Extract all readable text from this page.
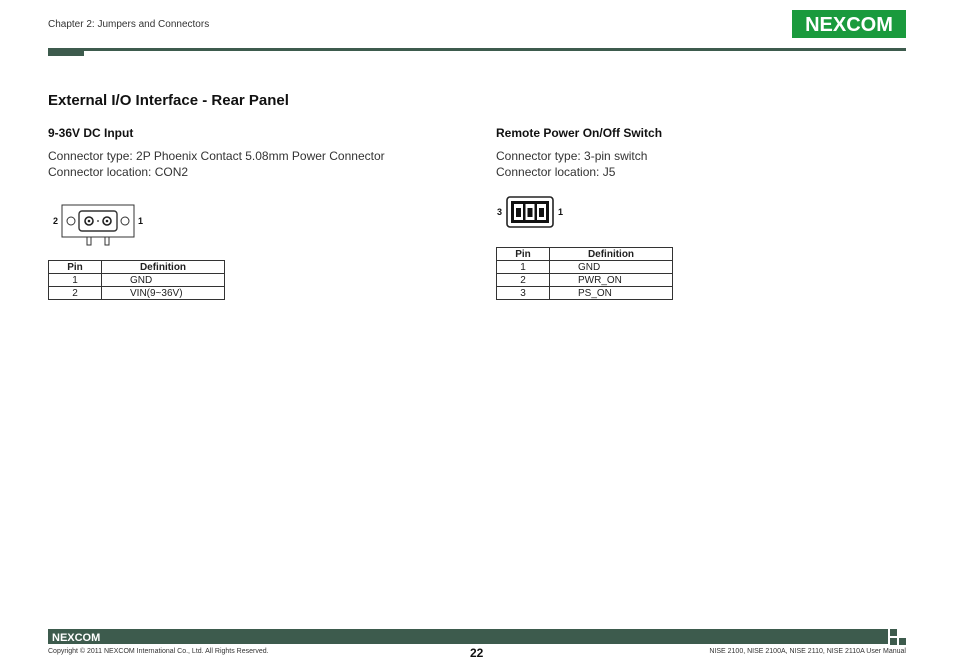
Chapter 2: Jumpers and Connectors	NEXCOM
External I/O Interface - Rear Panel
9-36V DC Input
Connector type: 2P Phoenix Contact 5.08mm Power Connector
Connector location: CON2
2	1
Pin	Definition
1	GND
2	VIN(9~36V)
Remote Power On/Off Switch
Connector type: 3-pin switch
Connector location: J5
3	1
Pin	Definition
1	GND
2	PWR_ON
3	PS_ON
NEXCOM
Copyright © 2011 NEXCOM International Co., Ltd. All Rights Reserved.	22	NISE 2100, NISE 2100A, NISE 2110, NISE 2110A User Manual
